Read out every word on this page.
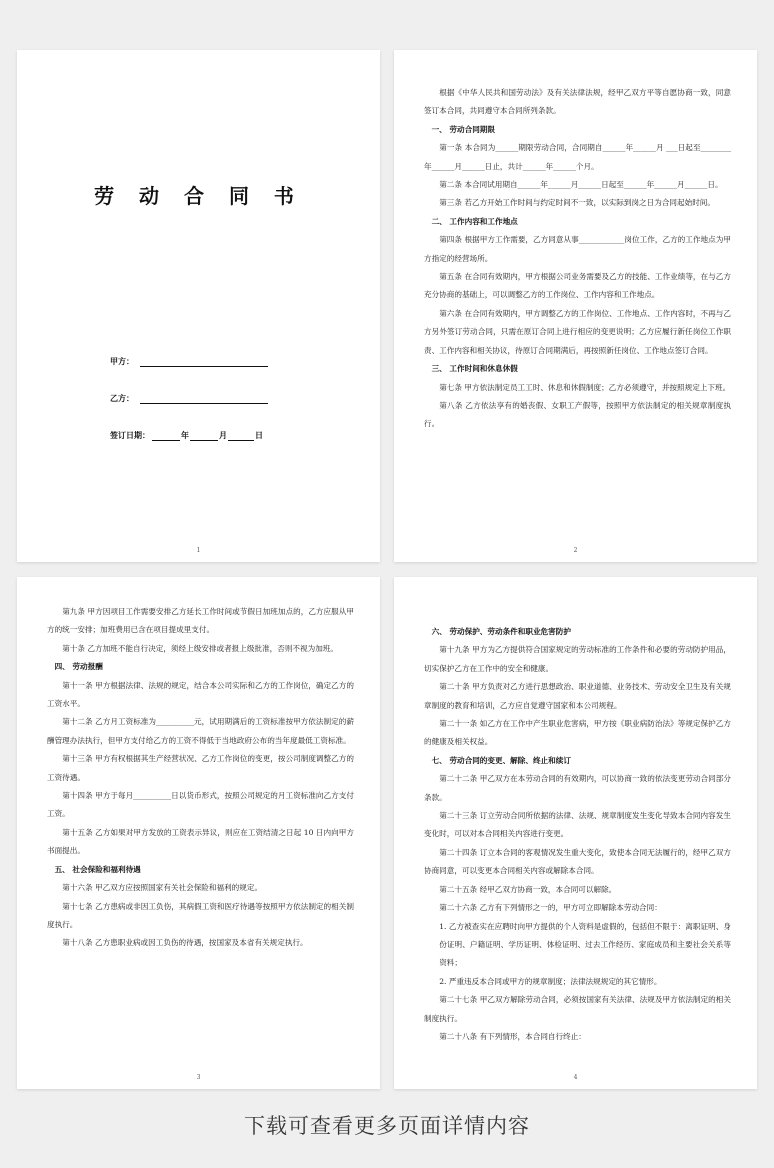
劳 动 合 同 书
甲方：
乙方：
签订日期：	年	月	日
1

根据《中华人民共和国劳动法》及有关法律法规，经甲乙双方平等自愿协商一致，同意签订本合同，共同遵守本合同所列条款。

一、 劳动合同期限

第一条 本合同为______期限劳动合同，合同期自______年______月 ___日起至________年______月______日止，共计______年______个月。

第二条 本合同试用期自______年______月______日起至______年______月______日。

第三条 若乙方开始工作时间与约定时间不一致，以实际到岗之日为合同起始时间。

二、 工作内容和工作地点

第四条 根据甲方工作需要，乙方同意从事____________岗位工作，乙方的工作地点为甲方指定的经营场所。

第五条 在合同有效期内，甲方根据公司业务需要及乙方的技能、工作业绩等，在与乙方充分协商的基础上，可以调整乙方的工作岗位、工作内容和工作地点。

第六条 在合同有效期内，甲方调整乙方的工作岗位、工作地点、工作内容时，不再与乙方另外签订劳动合同，只需在原订合同上进行相应的变更说明；乙方应履行新任岗位工作职责、工作内容和相关协议，待原订合同期满后，再按照新任岗位、工作地点签订合同。

三、 工作时间和休息休假

第七条 甲方依法制定员工工时、休息和休假制度；乙方必须遵守，并按照规定上下班。

第八条 乙方依法享有的婚丧假、女职工产假等，按照甲方依法制定的相关规章制度执行。

2

第九条 甲方因项目工作需要安排乙方延长工作时间或节假日加班加点的，乙方应服从甲方的统一安排；加班费用已含在项目提成里支付。

第十条 乙方加班不能自行决定，须经上级安排或者报上级批准，否则不视为加班。

四、 劳动报酬

第十一条 甲方根据法律、法规的规定，结合本公司实际和乙方的工作岗位，确定乙方的工资水平。

第十二条 乙方月工资标准为__________元，试用期满后的工资标准按甲方依法制定的薪酬管理办法执行，但甲方支付给乙方的工资不得低于当地政府公布的当年度最低工资标准。

第十三条 甲方有权根据其生产经营状况、乙方工作岗位的变更，按公司制度调整乙方的工资待遇。

第十四条 甲方于每月__________日以货币形式，按照公司规定的月工资标准向乙方支付工资。

第十五条 乙方如果对甲方发放的工资表示异议，则应在工资结清之日起 10 日内向甲方书面提出。

五、 社会保险和福利待遇

第十六条 甲乙双方应按照国家有关社会保险和福利的规定。

第十七条 乙方患病或非因工负伤，其病假工资和医疗待遇等按照甲方依法制定的相关制度执行。

第十八条 乙方患职业病或因工负伤的待遇，按国家及本省有关规定执行。

3

六、 劳动保护、劳动条件和职业危害防护

第十九条 甲方为乙方提供符合国家规定的劳动标准的工作条件和必要的劳动防护用品，切实保护乙方在工作中的安全和健康。

第二十条 甲方负责对乙方进行思想政治、职业道德、业务技术、劳动安全卫生及有关规章制度的教育和培训，乙方应自觉遵守国家和本公司规程。

第二十一条 如乙方在工作中产生职业危害病，甲方按《职业病防治法》等规定保护乙方的健康及相关权益。

七、 劳动合同的变更、解除、终止和续订

第二十二条 甲乙双方在本劳动合同的有效期内，可以协商一致的依法变更劳动合同部分条款。

第二十三条 订立劳动合同所依据的法律、法规、规章制度发生变化导致本合同内容发生变化时，可以对本合同相关内容进行变更。

第二十四条 订立本合同的客观情况发生重大变化，致使本合同无法履行的，经甲乙双方协商同意，可以变更本合同相关内容或解除本合同。

第二十五条 经甲乙双方协商一致，本合同可以解除。

第二十六条 乙方有下列情形之一的，甲方可立即解除本劳动合同：

1. 乙方被查实在应聘时向甲方提供的个人资料是虚假的，包括但不限于：离职证明、身份证明、户籍证明、学历证明、体检证明、过去工作经历、家庭成员和主要社会关系等资料；

2. 严重违反本合同或甲方的规章制度；法律法规规定的其它情形。

第二十七条 甲乙双方解除劳动合同，必须按国家有关法律、法规及甲方依法制定的相关制度执行。

第二十八条 有下列情形，本合同自行终止：

4
下载可查看更多页面详情内容
